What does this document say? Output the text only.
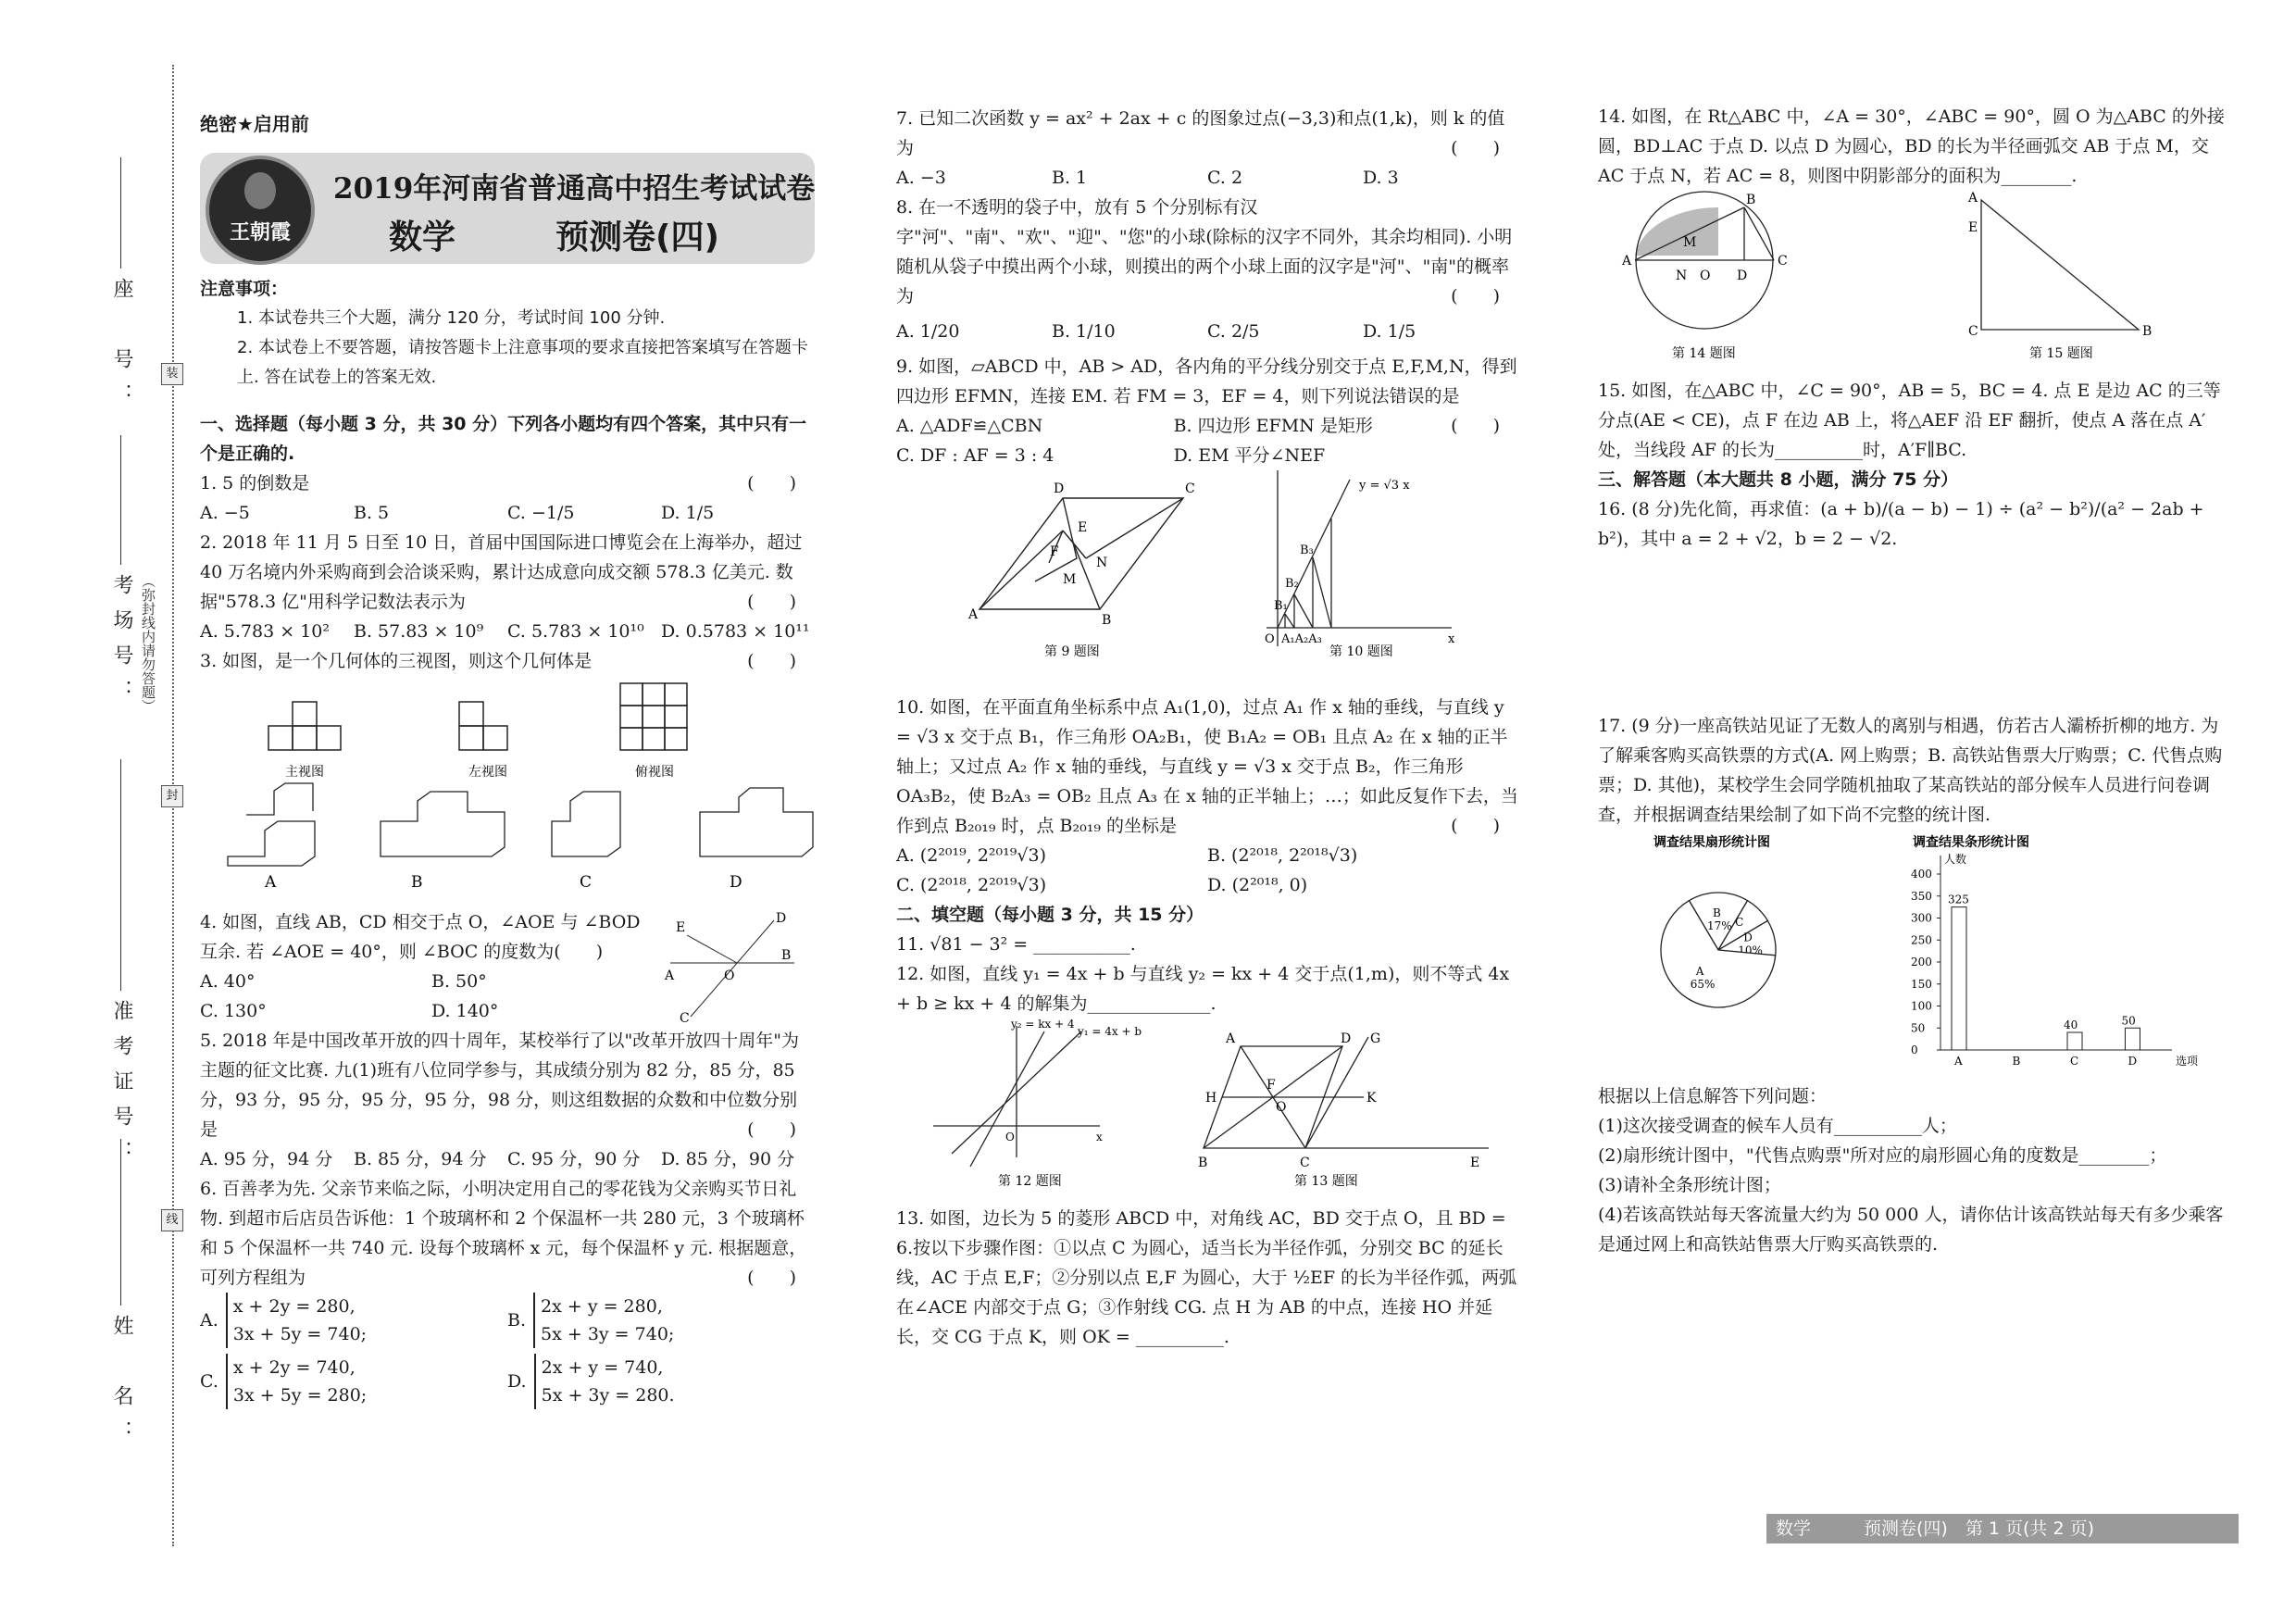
装
封
线
（弥封线内请勿答题）
座　号：
考场号：
准考证号：
姓　名：
绝密★启用前
王朝霞
2019年河南省普通高中招生考试试卷
数学	预测卷(四)

注意事项：

1. 本试卷共三个大题，满分 120 分，考试时间 100 分钟.

2. 本试卷上不要答题，请按答题卡上注意事项的要求直接把答案填写在答题卡上. 答在试卷上的答案无效.

一、选择题（每小题 3 分，共 30 分）下列各小题均有四个答案，其中只有一个是正确的.

1. 5 的倒数是	(　　)

A. −5	B. 5	C. −1/5	D. 1/5

2. 2018 年 11 月 5 日至 10 日，首届中国国际进口博览会在上海举办，超过 40 万名境内外采购商到会洽谈采购，累计达成意向成交额 578.3 亿美元. 数据"578.3 亿"用科学记数法表示为	(　　)

A. 5.783 × 10²	B. 57.83 × 10⁹	C. 5.783 × 10¹⁰ D. 0.5783 × 10¹¹

3. 如图，是一个几何体的三视图，则这个几何体是	(　　)

主视图	左视图	俯视图
A	B	C	D

4. 如图，直线 AB，CD 相交于点 O，∠AOE 与 ∠BOD 互余. 若 ∠AOE = 40°，则 ∠BOC 的度数为(　　)

A. 40°	B. 50°
C. 130°	D. 140°
E
D
B
A	O
C

5. 2018 年是中国改革开放的四十周年，某校举行了以"改革开放四十周年"为主题的征文比赛. 九(1)班有八位同学参与，其成绩分别为 82 分，85 分，85 分，93 分，95 分，95 分，95 分，98 分，则这组数据的众数和中位数分别是	(　　)

A. 95 分，94 分	B. 85 分，94 分	C. 95 分，90 分	D. 85 分，90 分

6. 百善孝为先. 父亲节来临之际，小明决定用自己的零花钱为父亲购买节日礼物. 到超市后店员告诉他：1 个玻璃杯和 2 个保温杯一共 280 元，3 个玻璃杯和 5 个保温杯一共 740 元. 设每个玻璃杯 x 元，每个保温杯 y 元. 根据题意，可列方程组为	(　　)

A.
x + 2y = 280,
3x + 5y = 740;
B.
2x + y = 280,
5x + 3y = 740;
C.
x + 2y = 740,
3x + 5y = 280;
D.
2x + y = 740,
5x + 3y = 280.

7. 已知二次函数 y = ax² + 2ax + c 的图象过点(−3,3)和点(1,k)，则 k 的值为	(　　)

A. −3	B. 1	C. 2	D. 3

8. 在一不透明的袋子中，放有 5 个分别标有汉字"河"、"南"、"欢"、"迎"、"您"的小球(除标的汉字不同外，其余均相同). 小明随机从袋子中摸出两个小球，则摸出的两个小球上面的汉字是"河"、"南"的概率为	(　　)

A. 1/20	B. 1/10	C. 2/5	D. 1/5

9. 如图，▱ABCD 中，AB > AD，各内角的平分线分别交于点 E,F,M,N，得到四边形 EFMN，连接 EM. 若 FM = 3，EF = 4，则下列说法错误的是
(　　)

A. △ADF≌△CBN	B. 四边形 EFMN 是矩形
C. DF : AF = 3 : 4	D. EM 平分∠NEF
A
D	C
B
E
F
M
N
第 9 题图
y = √3 x
O	x
A₁A₂A₃
B₁
B₂
B₃
第 10 题图

10. 如图，在平面直角坐标系中点 A₁(1,0)，过点 A₁ 作 x 轴的垂线，与直线 y = √3 x 交于点 B₁，作三角形 OA₂B₁，使 B₁A₂ = OB₁ 且点 A₂ 在 x 轴的正半轴上；又过点 A₂ 作 x 轴的垂线，与直线 y = √3 x 交于点 B₂，作三角形 OA₃B₂，使 B₂A₃ = OB₂ 且点 A₃ 在 x 轴的正半轴上；…；如此反复作下去，当作到点 B₂₀₁₉ 时，点 B₂₀₁₉ 的坐标是	(　　)

A. (2²⁰¹⁹, 2²⁰¹⁹√3)	B. (2²⁰¹⁸, 2²⁰¹⁸√3)
C. (2²⁰¹⁸, 2²⁰¹⁹√3)	D. (2²⁰¹⁸, 0)

二、填空题（每小题 3 分，共 15 分）

11. √81 − 3² = ___________.

12. 如图，直线 y₁ = 4x + b 与直线 y₂ = kx + 4 交于点(1,m)，则不等式 4x + b ≥ kx + 4 的解集为______________.

y₂ = kx + 4
y₁ = 4x + b
O	x
第 12 题图
A	D G
H
F
O
K
B	C	E
第 13 题图

13. 如图，边长为 5 的菱形 ABCD 中，对角线 AC，BD 交于点 O，且 BD = 6.按以下步骤作图：①以点 C 为圆心，适当长为半径作弧，分别交 BC 的延长线，AC 于点 E,F；②分别以点 E,F 为圆心，大于 ½EF 的长为半径作弧，两弧在∠ACE 内部交于点 G；③作射线 CG. 点 H 为 AB 的中点，连接 HO 并延长，交 CG 于点 K，则 OK = __________.

14. 如图，在 Rt△ABC 中，∠A = 30°，∠ABC = 90°，圆 O 为△ABC 的外接圆，BD⊥AC 于点 D. 以点 D 为圆心，BD 的长为半径画弧交 AB 于点 M，交 AC 于点 N，若 AC = 8，则图中阴影部分的面积为________.

A
B
C
D
O
N
M
第 14 题图
A
E
C	B
第 15 题图

15. 如图，在△ABC 中，∠C = 90°，AB = 5，BC = 4. 点 E 是边 AC 的三等分点(AE < CE)，点 F 在边 AB 上，将△AEF 沿 EF 翻折，使点 A 落在点 A′处，当线段 AF 的长为__________时，A′F∥BC.

三、解答题（本大题共 8 小题，满分 75 分）

16. (8 分)先化简，再求值：(a + b)/(a − b) − 1) ÷ (a² − b²)/(a² − 2ab + b²)，其中 a = 2 + √2，b = 2 − √2.

17. (9 分)一座高铁站见证了无数人的离别与相遇，仿若古人灞桥折柳的地方. 为了解乘客购买高铁票的方式(A. 网上购票；B. 高铁站售票大厅购票；C. 代售点购票；D. 其他)，某校学生会同学随机抽取了某高铁站的部分候车人员进行问卷调查，并根据调查结果绘制了如下尚不完整的统计图.

调查结果扇形统计图	调查结果条形统计图
B
17% C
D
10%
A
65%
人数
选项
0
50
100
150
200
250
300
350
400
325
A	B
40
C
50
D

根据以上信息解答下列问题：

(1)这次接受调查的候车人员有__________人；

(2)扇形统计图中，"代售点购票"所对应的扇形圆心角的度数是________；

(3)请补全条形统计图；

(4)若该高铁站每天客流量大约为 50 000 人，请你估计该高铁站每天有多少乘客是通过网上和高铁站售票大厅购买高铁票的.

数学　　　预测卷(四)　第 1 页(共 2 页)
